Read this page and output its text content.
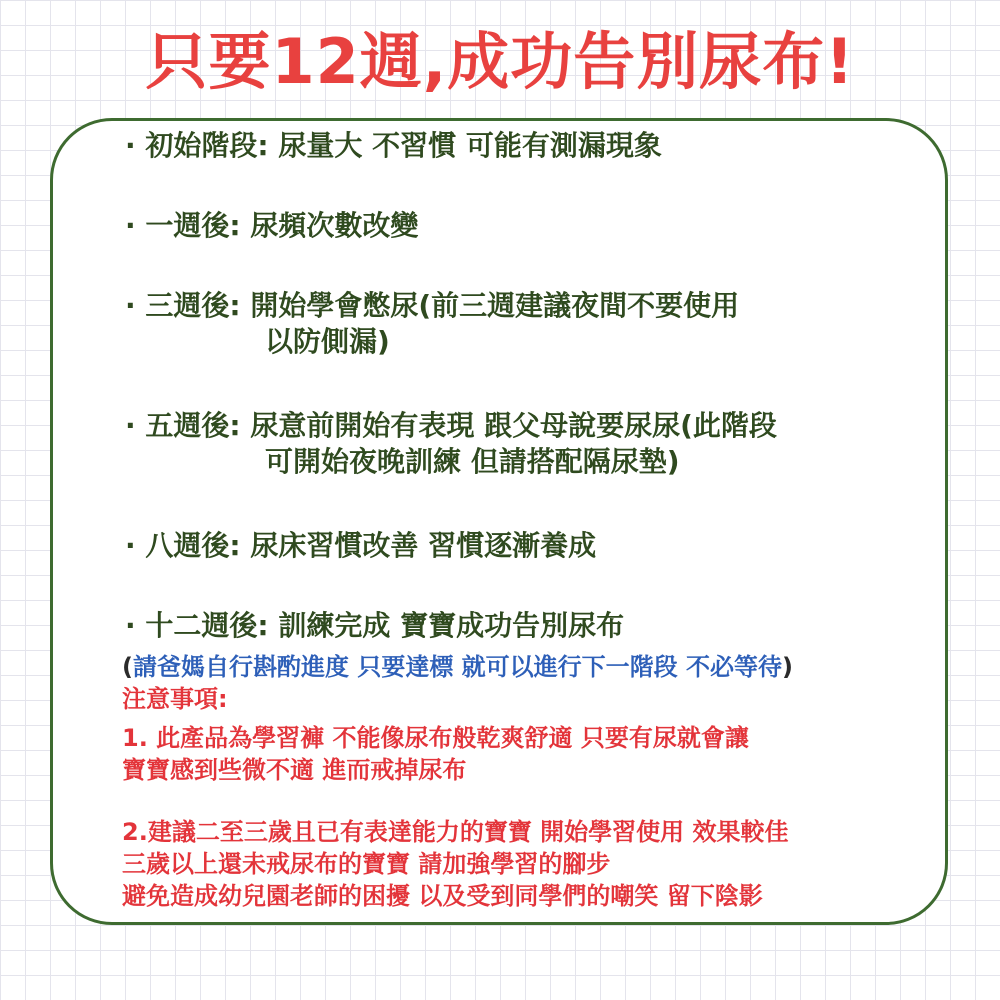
只要12週,成功告別尿布!
· 初始階段: 尿量大 不習慣 可能有測漏現象
· 一週後: 尿頻次數改變
· 三週後: 開始學會憋尿(前三週建議夜間不要使用
以防側漏)
· 五週後: 尿意前開始有表現 跟父母說要尿尿(此階段
可開始夜晚訓練 但請搭配隔尿墊)
· 八週後: 尿床習慣改善 習慣逐漸養成
· 十二週後: 訓練完成 寶寶成功告別尿布
(請爸媽自行斟酌進度 只要達標 就可以進行下一階段 不必等待)
注意事項:
1. 此產品為學習褲 不能像尿布般乾爽舒適 只要有尿就會讓
寶寶感到些微不適 進而戒掉尿布
2.建議二至三歲且已有表達能力的寶寶 開始學習使用 效果較佳
三歲以上還未戒尿布的寶寶 請加強學習的腳步
避免造成幼兒園老師的困擾 以及受到同學們的嘲笑 留下陰影
